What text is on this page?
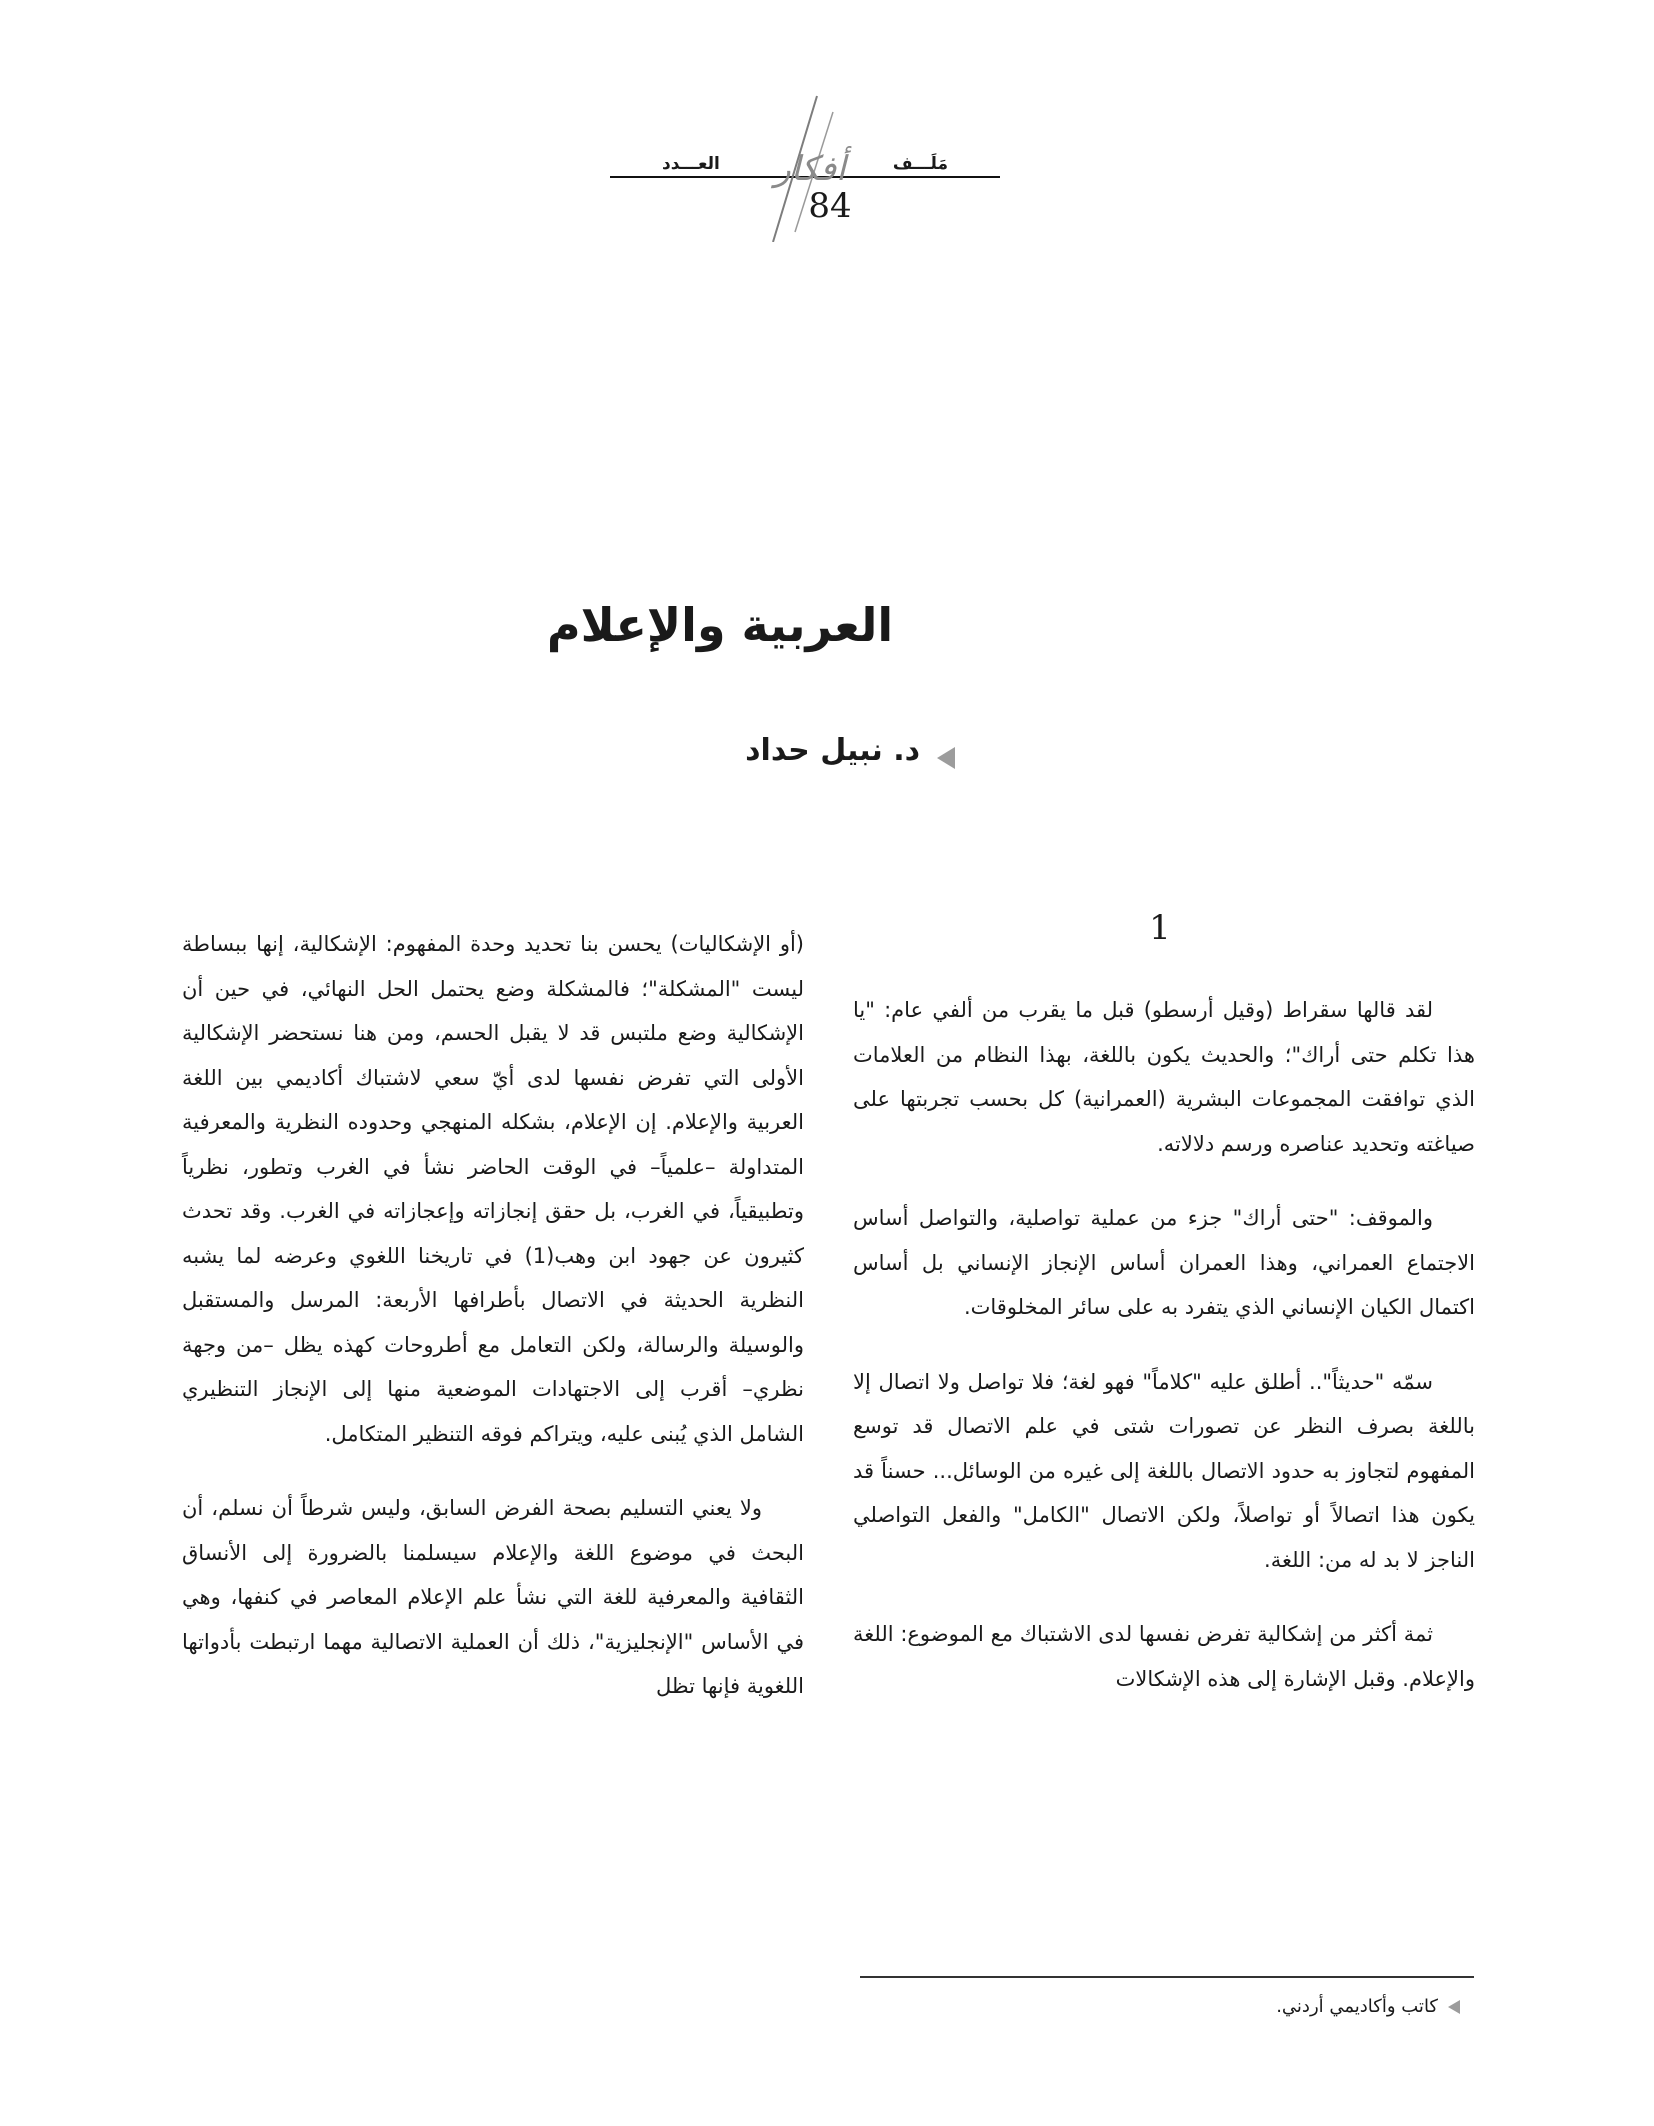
مَلَـــف
العـــدد أفكار
84
العربية والإعلام
د. نبيل حداد
1

لقد قالها سقراط (وقيل أرسطو) قبل ما يقرب من ألفي عام: "يا هذا تكلم حتى أراك"؛ والحديث يكون باللغة، بهذا النظام من العلامات الذي توافقت المجموعات البشرية (العمرانية) كل بحسب تجربتها على صياغته وتحديد عناصره ورسم دلالاته.

والموقف: "حتى أراك" جزء من عملية تواصلية، والتواصل أساس الاجتماع العمراني، وهذا العمران أساس الإنجاز الإنساني بل أساس اكتمال الكيان الإنساني الذي يتفرد به على سائر المخلوقات.

سمّه "حديثاً".. أطلق عليه "كلاماً" فهو لغة؛ فلا تواصل ولا اتصال إلا باللغة بصرف النظر عن تصورات شتى في علم الاتصال قد توسع المفهوم لتجاوز به حدود الاتصال باللغة إلى غيره من الوسائل... حسناً قد يكون هذا اتصالاً أو تواصلاً، ولكن الاتصال "الكامل" والفعل التواصلي الناجز لا بد له من: اللغة.

ثمة أكثر من إشكالية تفرض نفسها لدى الاشتباك مع الموضوع: اللغة والإعلام. وقبل الإشارة إلى هذه الإشكالات

(أو الإشكاليات) يحسن بنا تحديد وحدة المفهوم: الإشكالية، إنها ببساطة ليست "المشكلة"؛ فالمشكلة وضع يحتمل الحل النهائي، في حين أن الإشكالية وضع ملتبس قد لا يقبل الحسم، ومن هنا نستحضر الإشكالية الأولى التي تفرض نفسها لدى أيّ سعي لاشتباك أكاديمي بين اللغة العربية والإعلام. إن الإعلام، بشكله المنهجي وحدوده النظرية والمعرفية المتداولة –علمياً– في الوقت الحاضر نشأ في الغرب وتطور، نظرياً وتطبيقياً، في الغرب، بل حقق إنجازاته وإعجازاته في الغرب. وقد تحدث كثيرون عن جهود ابن وهب(1) في تاريخنا اللغوي وعرضه لما يشبه النظرية الحديثة في الاتصال بأطرافها الأربعة: المرسل والمستقبل والوسيلة والرسالة، ولكن التعامل مع أطروحات كهذه يظل –من وجهة نظري– أقرب إلى الاجتهادات الموضعية منها إلى الإنجاز التنظيري الشامل الذي يُبنى عليه، ويتراكم فوقه التنظير المتكامل.

ولا يعني التسليم بصحة الفرض السابق، وليس شرطاً أن نسلم، أن البحث في موضوع اللغة والإعلام سيسلمنا بالضرورة إلى الأنساق الثقافية والمعرفية للغة التي نشأ علم الإعلام المعاصر في كنفها، وهي في الأساس "الإنجليزية"، ذلك أن العملية الاتصالية مهما ارتبطت بأدواتها اللغوية فإنها تظل

كاتب وأكاديمي أردني.
